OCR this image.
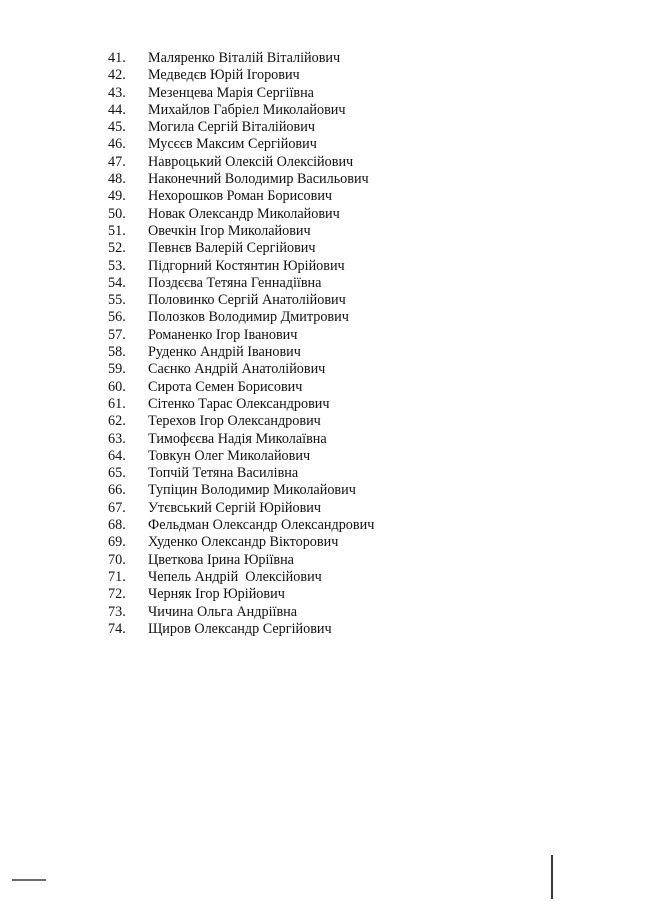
41.	Маляренко Віталій Віталійович
42.	Медведєв Юрій Ігорович
43.	Мезенцева Марія Сергіївна
44.	Михайлов Габріел Миколайович
45.	Могила Сергій Віталійович
46.	Мусєєв Максим Сергійович
47.	Навроцький Олексій Олексійович
48.	Наконечний Володимир Васильович
49.	Нехорошков Роман Борисович
50.	Новак Олександр Миколайович
51.	Овечкін Ігор Миколайович
52.	Певнєв Валерій Сергійович
53.	Підгорний Костянтин Юрійович
54.	Поздєєва Тетяна Геннадіївна
55.	Половинко Сергій Анатолійович
56.	Полозков Володимир Дмитрович
57.	Романенко Ігор Іванович
58.	Руденко Андрій Іванович
59.	Саєнко Андрій Анатолійович
60.	Сирота Семен Борисович
61.	Сітенко Тарас Олександрович
62.	Терехов Ігор Олександрович
63.	Тимофєєва Надія Миколаївна
64.	Товкун Олег Миколайович
65.	Топчій Тетяна Василівна
66.	Тупіцин Володимир Миколайович
67.	Утєвський Сергій Юрійович
68.	Фельдман Олександр Олександрович
69.	Худенко Олександр Вікторович
70.	Цветкова Ірина Юріївна
71.	Чепель Андрій  Олексійович
72.	Черняк Ігор Юрійович
73.	Чичина Ольга Андріївна
74.	Щиров Олександр Сергійович
